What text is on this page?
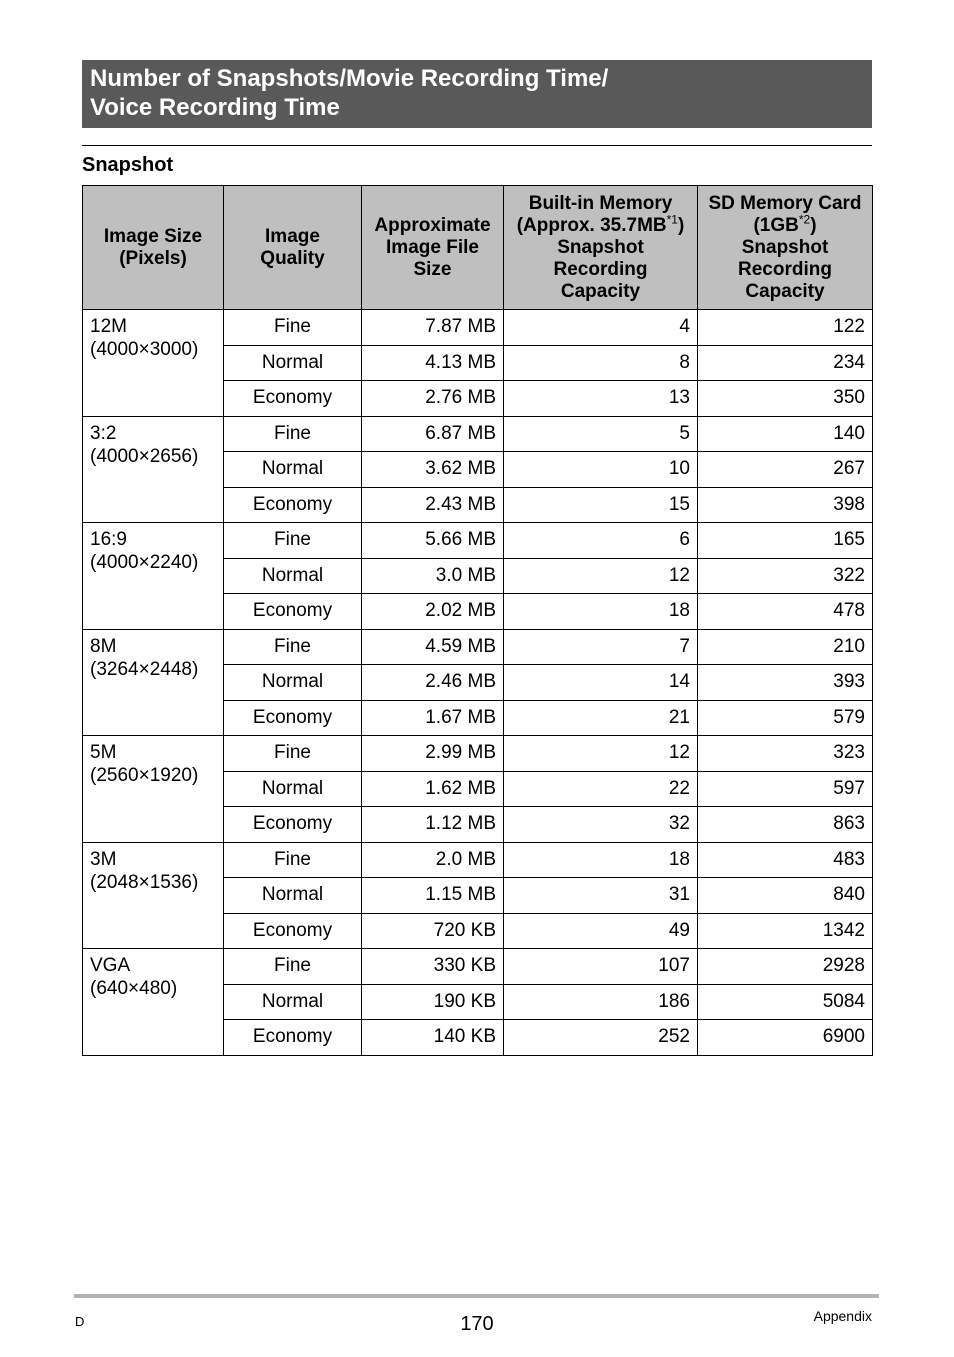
Number of Snapshots/Movie Recording Time/
Voice Recording Time
Snapshot
Image Size
(Pixels)	Image
Quality	Approximate
Image File
Size	Built-in Memory
(Approx. 35.7MB$^{*1}$)
Snapshot
Recording
Capacity	SD Memory Card
(1GB$^{*2}$)
Snapshot
Recording
Capacity

12M
(4000×3000)	Fine	7.87 MB	4	122
	Normal	4.13 MB	8	234
	Economy	2.76 MB	13	350

3:2
(4000×2656)	Fine	6.87 MB	5	140
	Normal	3.62 MB	10	267
	Economy	2.43 MB	15	398

16:9
(4000×2240)	Fine	5.66 MB	6	165
	Normal	3.0 MB	12	322
	Economy	2.02 MB	18	478

8M
(3264×2448)	Fine	4.59 MB	7	210
	Normal	2.46 MB	14	393
	Economy	1.67 MB	21	579

5M
(2560×1920)	Fine	2.99 MB	12	323
	Normal	1.62 MB	22	597
	Economy	1.12 MB	32	863

3M
(2048×1536)	Fine	2.0 MB	18	483
	Normal	1.15 MB	31	840
	Economy	720 KB	49	1342

VGA
(640×480)	Fine	330 KB	107	2928
	Normal	190 KB	186	5084
	Economy	140 KB	252	6900
D	170	Appendix
